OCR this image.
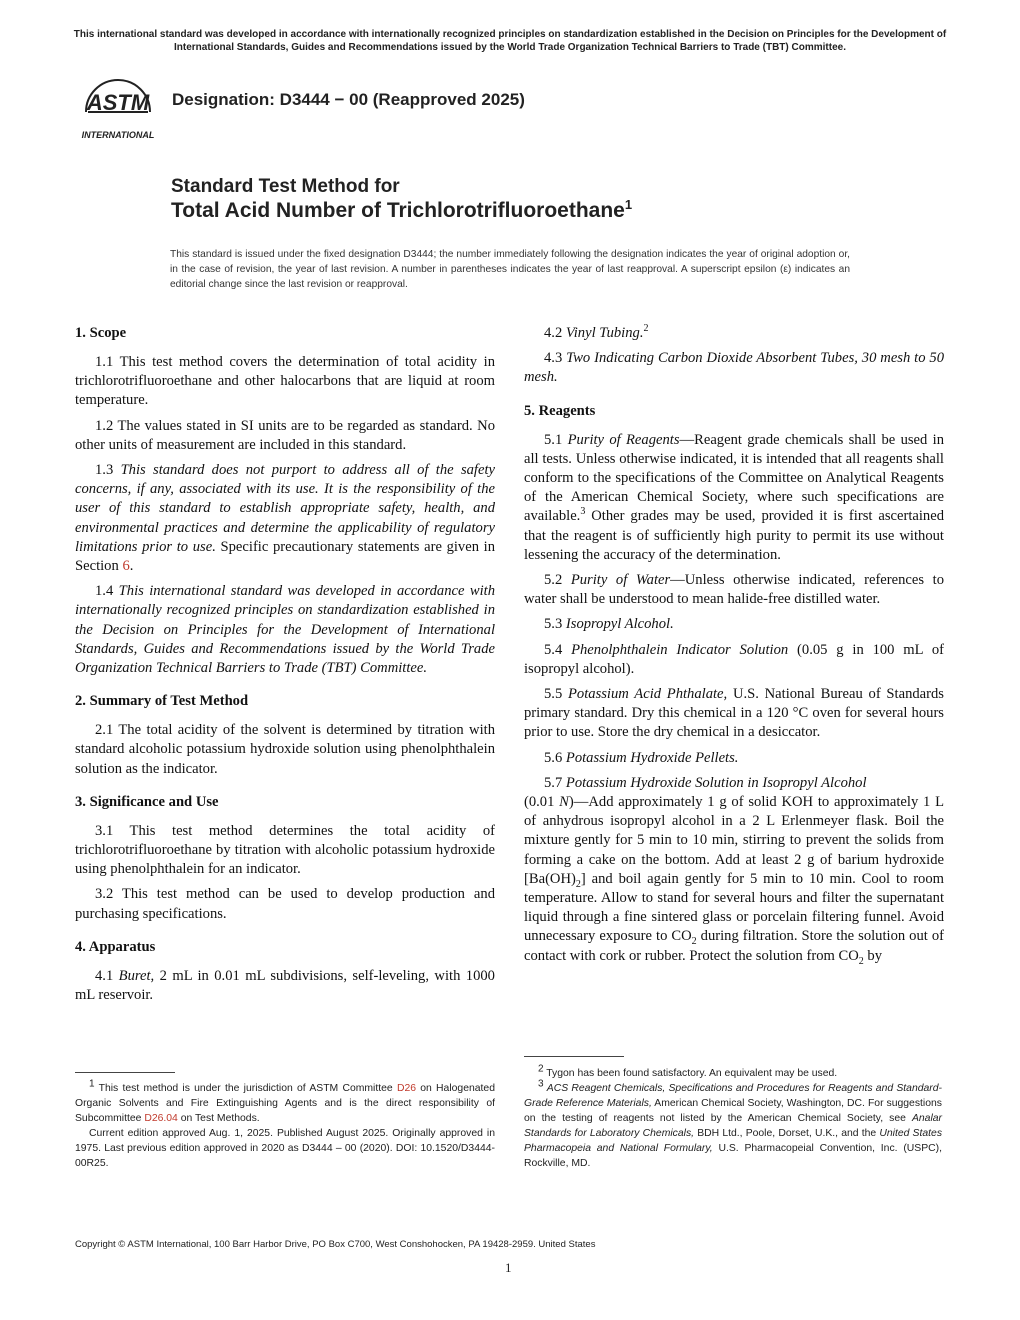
This international standard was developed in accordance with internationally recognized principles on standardization established in the Decision on Principles for the Development of International Standards, Guides and Recommendations issued by the World Trade Organization Technical Barriers to Trade (TBT) Committee.
ASTM
INTERNATIONAL
Designation: D3444 − 00 (Reapproved 2025)
Standard Test Method for
Total Acid Number of Trichlorotrifluoroethane$^1$
This standard is issued under the fixed designation D3444; the number immediately following the designation indicates the year of original adoption or, in the case of revision, the year of last revision. A number in parentheses indicates the year of last reapproval. A superscript epsilon (ε) indicates an editorial change since the last revision or reapproval.
1. Scope

1.1 This test method covers the determination of total acidity in trichlorotrifluoroethane and other halocarbons that are liquid at room temperature.

1.2 The values stated in SI units are to be regarded as standard. No other units of measurement are included in this standard.

1.3 This standard does not purport to address all of the safety concerns, if any, associated with its use. It is the responsibility of the user of this standard to establish appropriate safety, health, and environmental practices and determine the applicability of regulatory limitations prior to use. Specific precautionary statements are given in Section 6.

1.4 This international standard was developed in accordance with internationally recognized principles on standardization established in the Decision on Principles for the Development of International Standards, Guides and Recommendations issued by the World Trade Organization Technical Barriers to Trade (TBT) Committee.

2. Summary of Test Method

2.1 The total acidity of the solvent is determined by titration with standard alcoholic potassium hydroxide solution using phenolphthalein solution as the indicator.

3. Significance and Use

3.1 This test method determines the total acidity of trichlorotrifluoroethane by titration with alcoholic potassium hydroxide using phenolphthalein for an indicator.

3.2 This test method can be used to develop production and purchasing specifications.

4. Apparatus

4.1 Buret, 2 mL in 0.01 mL subdivisions, self-leveling, with 1000 mL reservoir.

4.2 Vinyl Tubing.$^2$

4.3 Two Indicating Carbon Dioxide Absorbent Tubes, 30 mesh to 50 mesh.

5. Reagents

5.1 Purity of Reagents—Reagent grade chemicals shall be used in all tests. Unless otherwise indicated, it is intended that all reagents shall conform to the specifications of the Committee on Analytical Reagents of the American Chemical Society, where such specifications are available.$^3$ Other grades may be used, provided it is first ascertained that the reagent is of sufficiently high purity to permit its use without lessening the accuracy of the determination.

5.2 Purity of Water—Unless otherwise indicated, references to water shall be understood to mean halide-free distilled water.

5.3 Isopropyl Alcohol.

5.4 Phenolphthalein Indicator Solution (0.05 g in 100 mL of isopropyl alcohol).

5.5 Potassium Acid Phthalate, U.S. National Bureau of Standards primary standard. Dry this chemical in a 120 °C oven for several hours prior to use. Store the dry chemical in a desiccator.

5.6 Potassium Hydroxide Pellets.

5.7 Potassium Hydroxide Solution in Isopropyl Alcohol
(0.01 N)—Add approximately 1 g of solid KOH to approximately 1 L of anhydrous isopropyl alcohol in a 2 L Erlenmeyer flask. Boil the mixture gently for 5 min to 10 min, stirring to prevent the solids from forming a cake on the bottom. Add at least 2 g of barium hydroxide $[Ba(OH)_2]$ and boil again gently for 5 min to 10 min. Cool to room temperature. Allow to stand for several hours and filter the supernatant liquid through a fine sintered glass or porcelain filtering funnel. Avoid unnecessary exposure to $CO_2$ during filtration. Store the solution out of contact with cork or rubber. Protect the solution from $CO_2$ by

$^1$ This test method is under the jurisdiction of ASTM Committee D26 on Halogenated Organic Solvents and Fire Extinguishing Agents and is the direct responsibility of Subcommittee D26.04 on Test Methods.

Current edition approved Aug. 1, 2025. Published August 2025. Originally approved in 1975. Last previous edition approved in 2020 as D3444 – 00 (2020). DOI: 10.1520/D3444-00R25.

$^2$ Tygon has been found satisfactory. An equivalent may be used.

$^3$ ACS Reagent Chemicals, Specifications and Procedures for Reagents and Standard-Grade Reference Materials, American Chemical Society, Washington, DC. For suggestions on the testing of reagents not listed by the American Chemical Society, see Analar Standards for Laboratory Chemicals, BDH Ltd., Poole, Dorset, U.K., and the United States Pharmacopeia and National Formulary, U.S. Pharmacopeial Convention, Inc. (USPC), Rockville, MD.

Copyright © ASTM International, 100 Barr Harbor Drive, PO Box C700, West Conshohocken, PA 19428-2959. United States
1
